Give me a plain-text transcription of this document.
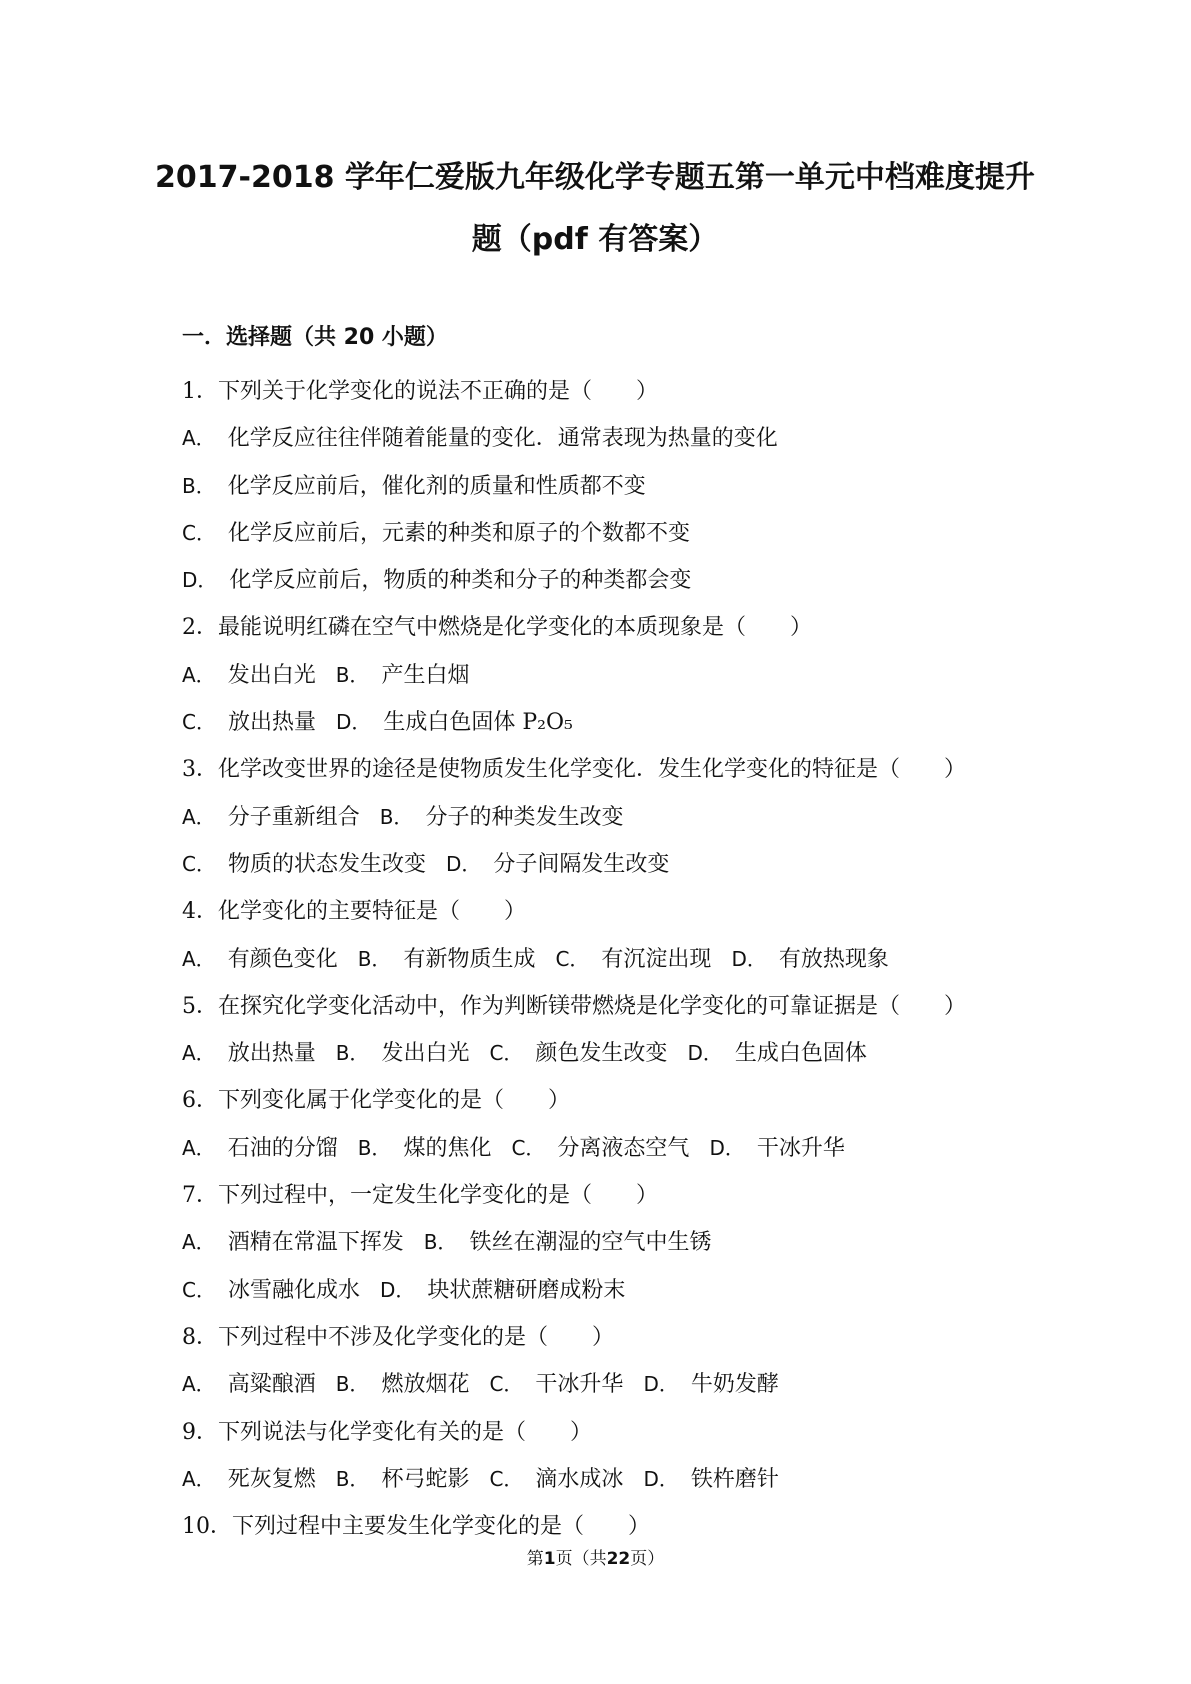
2017-2018 学年仁爱版九年级化学专题五第一单元中档难度提升
题（pdf 有答案）
一．选择题（共 20 小题）
1．下列关于化学变化的说法不正确的是（　　）
A． 化学反应往往伴随着能量的变化．通常表现为热量的变化
B． 化学反应前后，催化剂的质量和性质都不变
C． 化学反应前后，元素的种类和原子的个数都不变
D． 化学反应前后，物质的种类和分子的种类都会变
2．最能说明红磷在空气中燃烧是化学变化的本质现象是（　　）
A． 发出白光 B． 产生白烟
C． 放出热量 D． 生成白色固体 P₂O₅
3．化学改变世界的途径是使物质发生化学变化．发生化学变化的特征是（　　）
A． 分子重新组合 B． 分子的种类发生改变
C． 物质的状态发生改变 D． 分子间隔发生改变
4．化学变化的主要特征是（　　）
A． 有颜色变化 B． 有新物质生成 C． 有沉淀出现 D． 有放热现象
5．在探究化学变化活动中，作为判断镁带燃烧是化学变化的可靠证据是（　　）
A． 放出热量 B． 发出白光 C． 颜色发生改变 D． 生成白色固体
6．下列变化属于化学变化的是（　　）
A． 石油的分馏 B． 煤的焦化 C． 分离液态空气 D． 干冰升华
7．下列过程中，一定发生化学变化的是（　　）
A． 酒精在常温下挥发 B． 铁丝在潮湿的空气中生锈
C． 冰雪融化成水 D． 块状蔗糖研磨成粉末
8．下列过程中不涉及化学变化的是（　　）
A． 高粱酿酒 B． 燃放烟花 C． 干冰升华 D． 牛奶发酵
9．下列说法与化学变化有关的是（　　）
A． 死灰复燃 B． 杯弓蛇影 C． 滴水成冰 D． 铁杵磨针
10．下列过程中主要发生化学变化的是（　　）
第1页（共22页）
